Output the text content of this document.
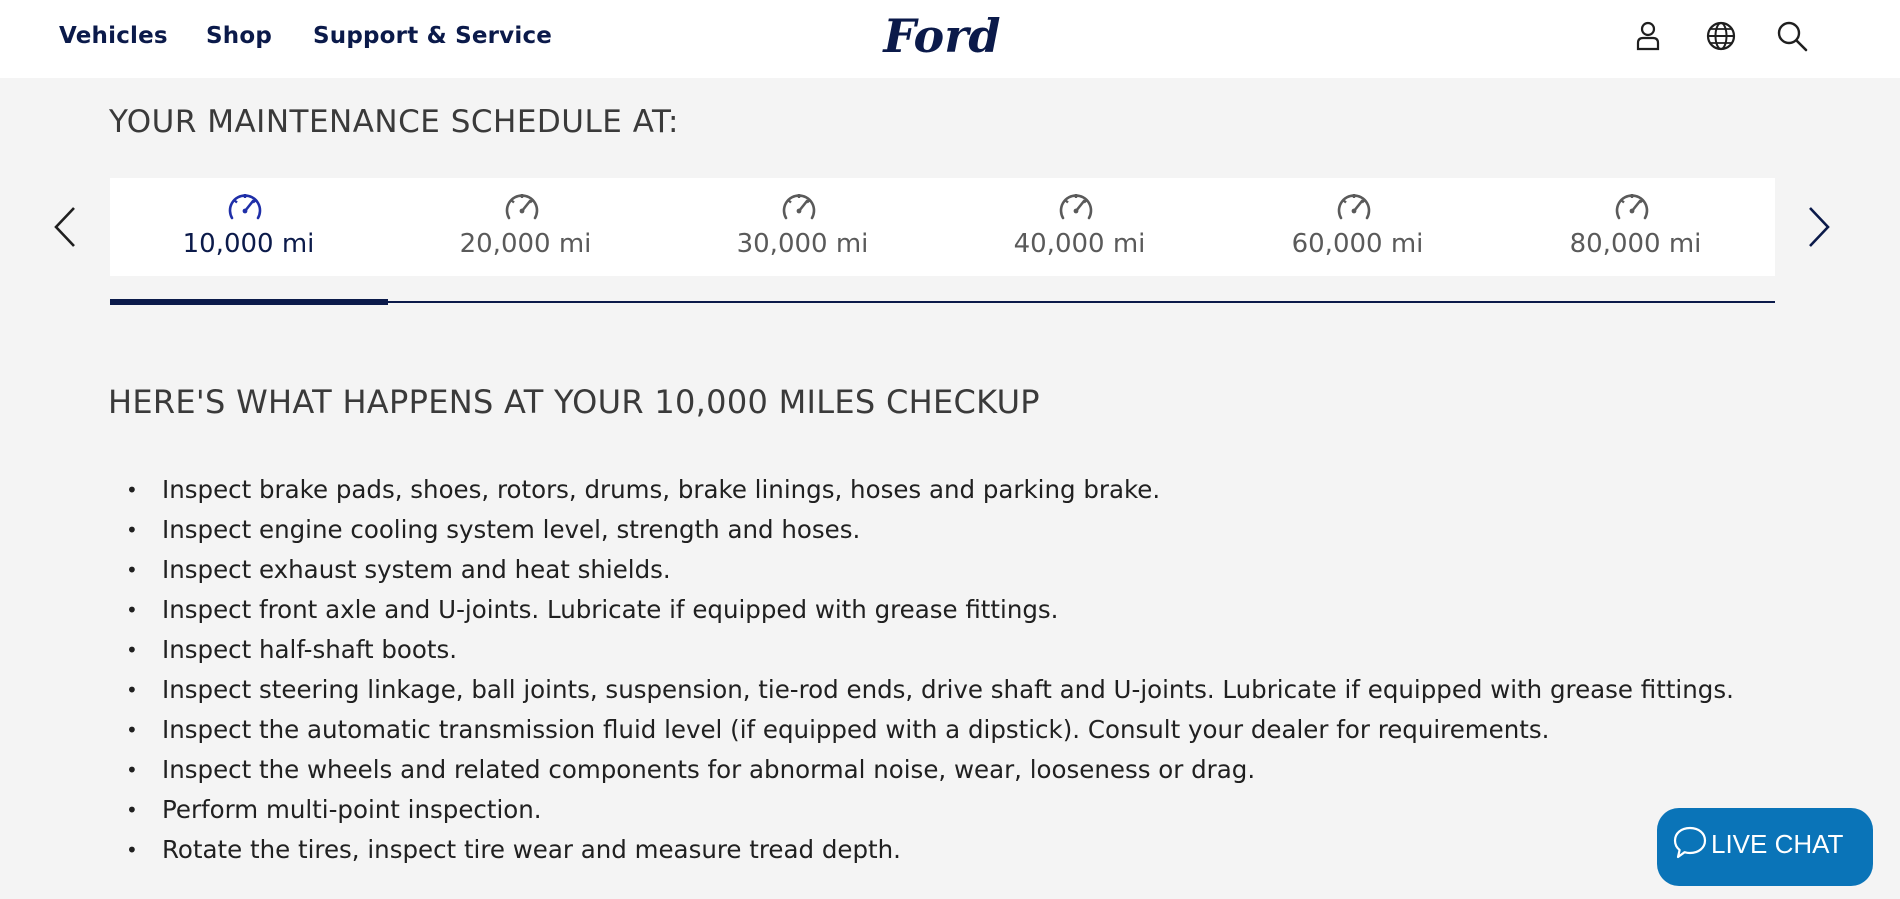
Vehicles Shop Support & Service	Ford
YOUR MAINTENANCE SCHEDULE AT:
10,000 mi	20,000 mi	30,000 mi	40,000 mi	60,000 mi	80,000 mi
HERE'S WHAT HAPPENS AT YOUR 10,000 MILES CHECKUP
• Inspect brake pads, shoes, rotors, drums, brake linings, hoses and parking brake.
• Inspect engine cooling system level, strength and hoses.
• Inspect exhaust system and heat shields.
• Inspect front axle and U-joints. Lubricate if equipped with grease fittings.
• Inspect half-shaft boots.
• Inspect steering linkage, ball joints, suspension, tie-rod ends, drive shaft and U-joints. Lubricate if equipped with grease fittings.
• Inspect the automatic transmission fluid level (if equipped with a dipstick). Consult your dealer for requirements.
• Inspect the wheels and related components for abnormal noise, wear, looseness or drag.
• Perform multi-point inspection.
• Rotate the tires, inspect tire wear and measure tread depth.	LIVE CHAT
